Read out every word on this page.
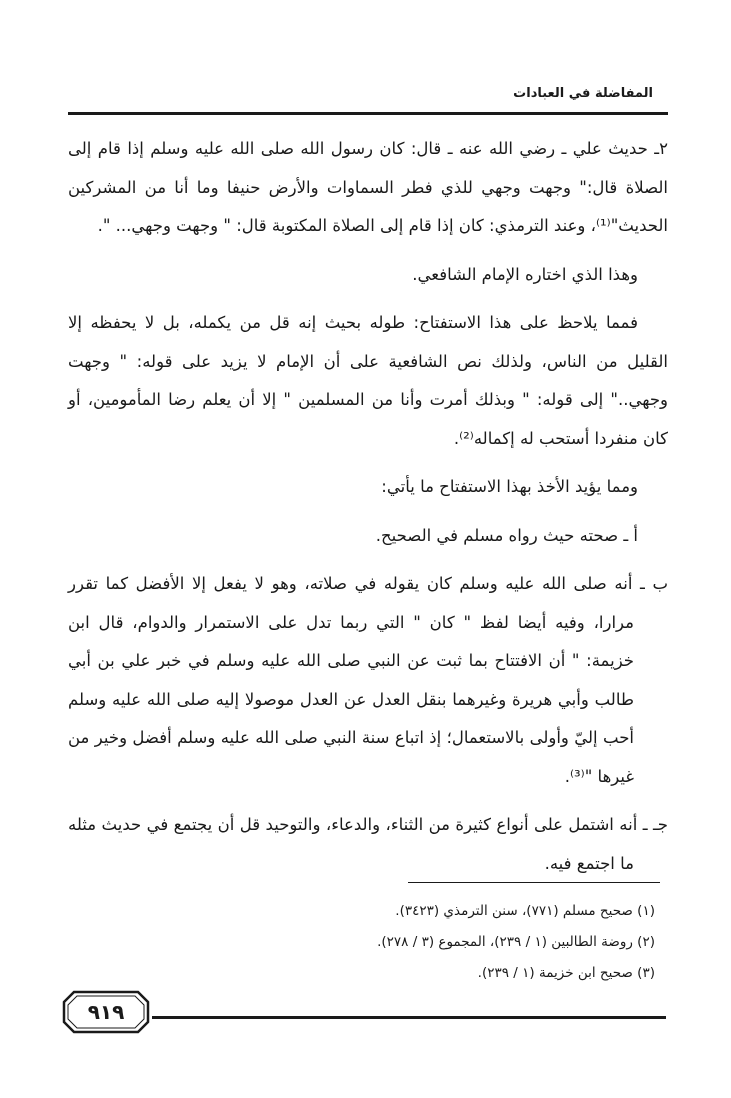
المفاضلة في العبادات

٢ـ حديث علي ـ رضي الله عنه ـ قال: كان رسول الله صلى الله عليه وسلم إذا قام إلى الصلاة قال:" وجهت وجهي للذي فطر السماوات والأرض حنيفا وما أنا من المشركين الحديث"⁽¹⁾، وعند الترمذي: كان إذا قام إلى الصلاة المكتوبة قال: " وجهت وجهي... ".

وهذا الذي اختاره الإمام الشافعي.

فمما يلاحظ على هذا الاستفتاح: طوله بحيث إنه قل من يكمله، بل لا يحفظه إلا القليل من الناس، ولذلك نص الشافعية على أن الإمام لا يزيد على قوله: " وجهت وجهي.." إلى قوله: " وبذلك أمرت وأنا من المسلمين " إلا أن يعلم رضا المأمومين، أو كان منفردا أستحب له إكماله⁽²⁾.

ومما يؤيد الأخذ بهذا الاستفتاح ما يأتي:

أ ـ صحته حيث رواه مسلم في الصحيح.

ب ـ أنه صلى الله عليه وسلم كان يقوله في صلاته، وهو لا يفعل إلا الأفضل كما تقرر مرارا، وفيه أيضا لفظ " كان " التي ربما تدل على الاستمرار والدوام، قال ابن خزيمة: " أن الافتتاح بما ثبت عن النبي صلى الله عليه وسلم في خبر علي بن أبي طالب وأبي هريرة وغيرهما بنقل العدل عن العدل موصولا إليه صلى الله عليه وسلم أحب إليّ وأولى بالاستعمال؛ إذ اتباع سنة النبي صلى الله عليه وسلم أفضل وخير من غيرها "⁽³⁾.

جـ ـ أنه اشتمل على أنواع كثيرة من الثناء، والدعاء، والتوحيد قل أن يجتمع في حديث مثله ما اجتمع فيه.

(١) صحيح مسلم (٧٧١)، سنن الترمذي (٣٤٢٣).

(٢) روضة الطالبين (١ / ٢٣٩)، المجموع (٣ / ٢٧٨).

(٣) صحيح ابن خزيمة (١ / ٢٣٩).

٩١٩
